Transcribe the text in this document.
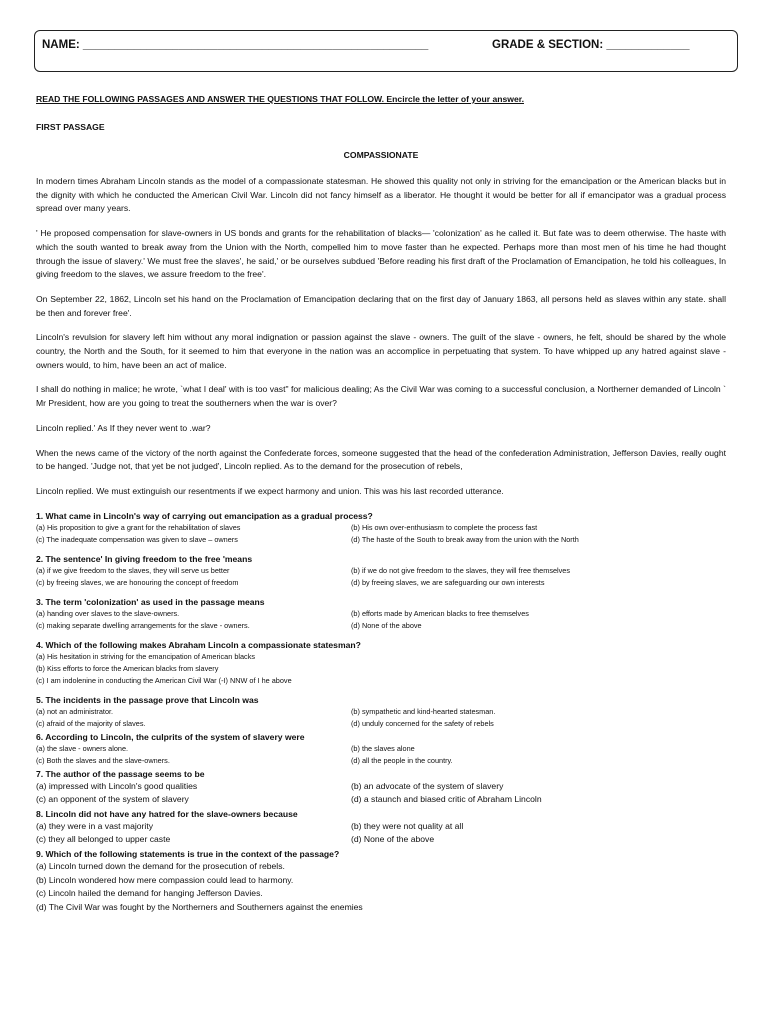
NAME: ______________________________________________________	GRADE & SECTION: _____________
READ THE FOLLOWING PASSAGES AND ANSWER THE QUESTIONS THAT FOLLOW. Encircle the letter of your answer.
FIRST PASSAGE
COMPASSIONATE

In modern times Abraham Lincoln stands as the model of a compassionate statesman. He showed this quality not only in striving for the emancipation or the American blacks but in the dignity with which he conducted the American Civil War. Lincoln did not fancy himself as a liberator. He thought it would be better for all if emancipator was a gradual process spread over many years.

' He proposed compensation for slave-owners in US bonds and grants for the rehabilitation of blacks— 'colonization' as he called it. But fate was to deem otherwise. The haste with which the south wanted to break away from the Union with the North, compelled him to move faster than he expected. Perhaps more than most men of his time he had thought through the issue of slavery.' We must free the slaves', he said,' or be ourselves subdued 'Before reading his first draft of the Proclamation of Emancipation, he told his colleagues, In giving freedom to the slaves, we assure freedom to the free'.

On September 22, 1862, Lincoln set his hand on the Proclamation of Emancipation declaring that on the first day of January 1863, all persons held as slaves within any state. shall be then and forever free'.

Lincoln's revulsion for slavery left him without any moral indignation or passion against the slave - owners. The guilt of the slave - owners, he felt, should be shared by the whole country, the North and the South, for it seemed to him that everyone in the nation was an accomplice in perpetuating that system. To have whipped up any hatred against slave - owners would, to him, have been an act of malice.

I shall do nothing in malice; he wrote, `what I deal' with is too vast" for malicious dealing; As the Civil War was coming to a successful conclusion, a Northerner demanded of Lincoln ` Mr President, how are you going to treat the southerners when the war is over?

Lincoln replied.' As If they never went to .war?

When the news came of the victory of the north against the Confederate forces, someone suggested that the head of the confederation Administration, Jefferson Davies, really ought to be hanged. 'Judge not, that yet be not judged', Lincoln replied. As to the demand for the prosecution of rebels,

Lincoln replied. We must extinguish our resentments if we expect harmony and union. This was his last recorded utterance.

1. What came in Lincoln's way of carrying out emancipation as a gradual process?
(a) His proposition to give a grant for the rehabilitation of slaves	(b) His own over-enthusiasm to complete the process fast
(c) The inadequate compensation was given to slave – owners	(d) The haste of the South to break away from the union with the North
2. The sentence' In giving freedom to the free 'means
(a) if we give freedom to the slaves, they will serve us better	(b) if we do not give freedom to the slaves, they will free themselves
(c) by freeing slaves, we are honouring the concept of freedom	(d) by freeing slaves, we are safeguarding our own interests
3. The term 'colonization' as used in the passage means
(a) handing over slaves to the slave-owners.	(b) efforts made by American blacks to free themselves
(c) making separate dwelling arrangements for the slave - owners.	(d) None of the above
4. Which of the following makes Abraham Lincoln a compassionate statesman?
(a) His hesitation in striving for the emancipation of American blacks
(b) Kiss efforts to force the American blacks from slavery
(c) I am indolenine in conducting the American Civil War (-I) NNW of I he above
5. The incidents in the passage prove that Lincoln was
(a) not an administrator.	(b) sympathetic and kind-hearted statesman.
(c) afraid of the majority of slaves.	(d) unduly concerned for the safety of rebels
6. According to Lincoln, the culprits of the system of slavery were
(a) the slave - owners alone.	(b) the slaves alone
(c) Both the slaves and the slave-owners.	(d) all the people in the country.
7. The author of the passage seems to be
(a) impressed with Lincoln's good qualities	(b) an advocate of the system of slavery
(c) an opponent of the system of slavery	(d) a staunch and biased critic of Abraham Lincoln
8. Lincoln did not have any hatred for the slave-owners because
(a) they were in a vast majority	(b) they were not quality at all
(c) they all belonged to upper caste	(d) None of the above
9. Which of the following statements is true in the context of the passage?
(a) Lincoln turned down the demand for the prosecution of rebels.
(b) Lincoln wondered how mere compassion could lead to harmony.
(c) Lincoln hailed the demand for hanging Jefferson Davies.
(d) The Civil War was fought by the Northerners and Southerners against the enemies
